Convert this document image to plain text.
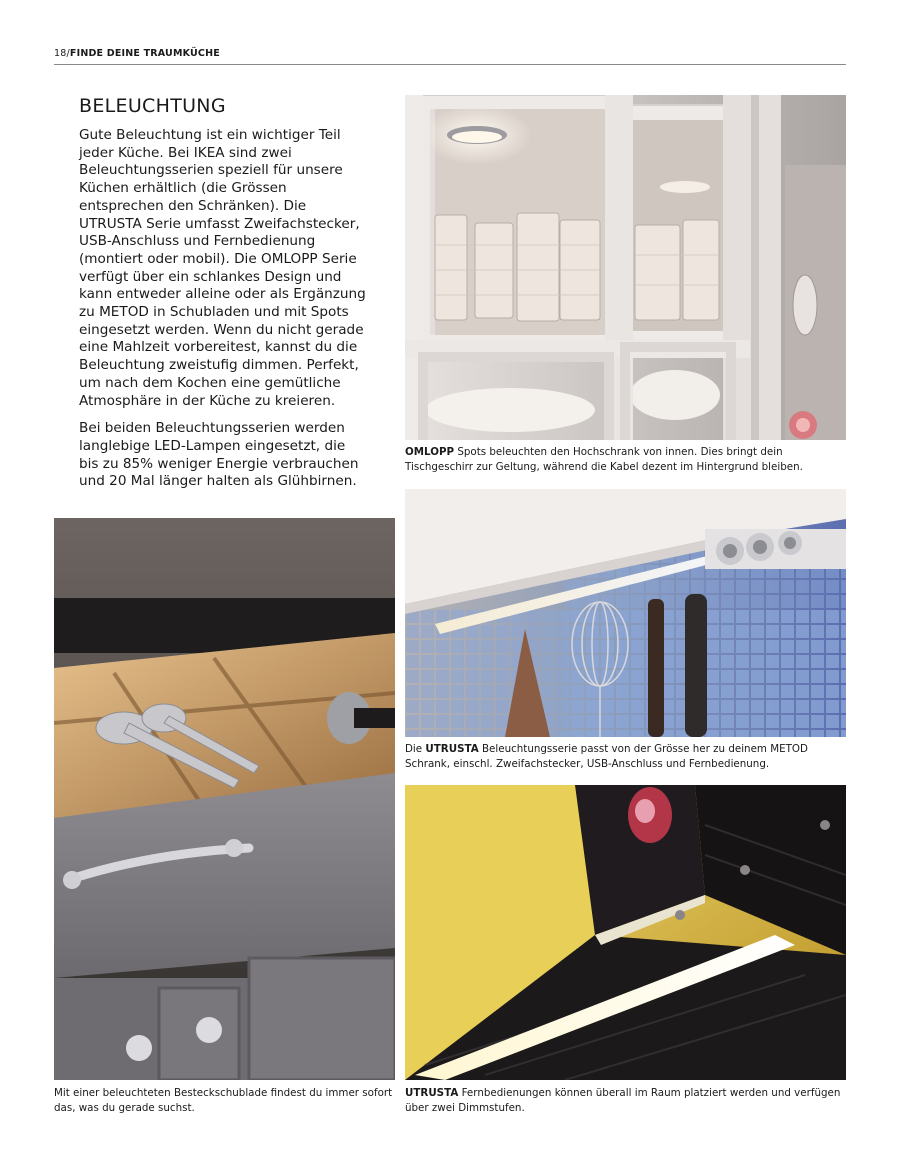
18/FINDE DEINE TRAUMKÜCHE
BELEUCHTUNG

Gute Beleuchtung ist ein wichtiger Teil jeder Küche. Bei IKEA sind zwei Beleuchtungsserien speziell für unsere Küchen erhältlich (die Grössen entsprechen den Schränken). Die UTRUSTA Serie umfasst Zweifachstecker, USB-Anschluss und Fernbedienung (montiert oder mobil). Die OMLOPP Serie verfügt über ein schlankes Design und kann entweder alleine oder als Ergänzung zu METOD in Schubladen und mit Spots eingesetzt werden. Wenn du nicht gerade eine Mahlzeit vorbereitest, kannst du die Beleuchtung zweistufig dimmen. Perfekt, um nach dem Kochen eine gemütliche Atmosphäre in der Küche zu kreieren.

Bei beiden Beleuchtungsserien werden langlebige LED-Lampen eingesetzt, die bis zu 85% weniger Energie verbrauchen und 20 Mal länger halten als Glühbirnen.

OMLOPP Spots beleuchten den Hochschrank von innen. Dies bringt dein Tischgeschirr zur Geltung, während die Kabel dezent im Hintergrund bleiben.
Die UTRUSTA Beleuchtungsserie passt von der Grösse her zu deinem METOD Schrank, einschl. Zweifachstecker, USB-Anschluss und Fernbedienung.
Mit einer beleuchteten Besteckschublade findest du immer sofort das, was du gerade suchst.
UTRUSTA Fernbedienungen können überall im Raum platziert werden und verfügen über zwei Dimmstufen.
